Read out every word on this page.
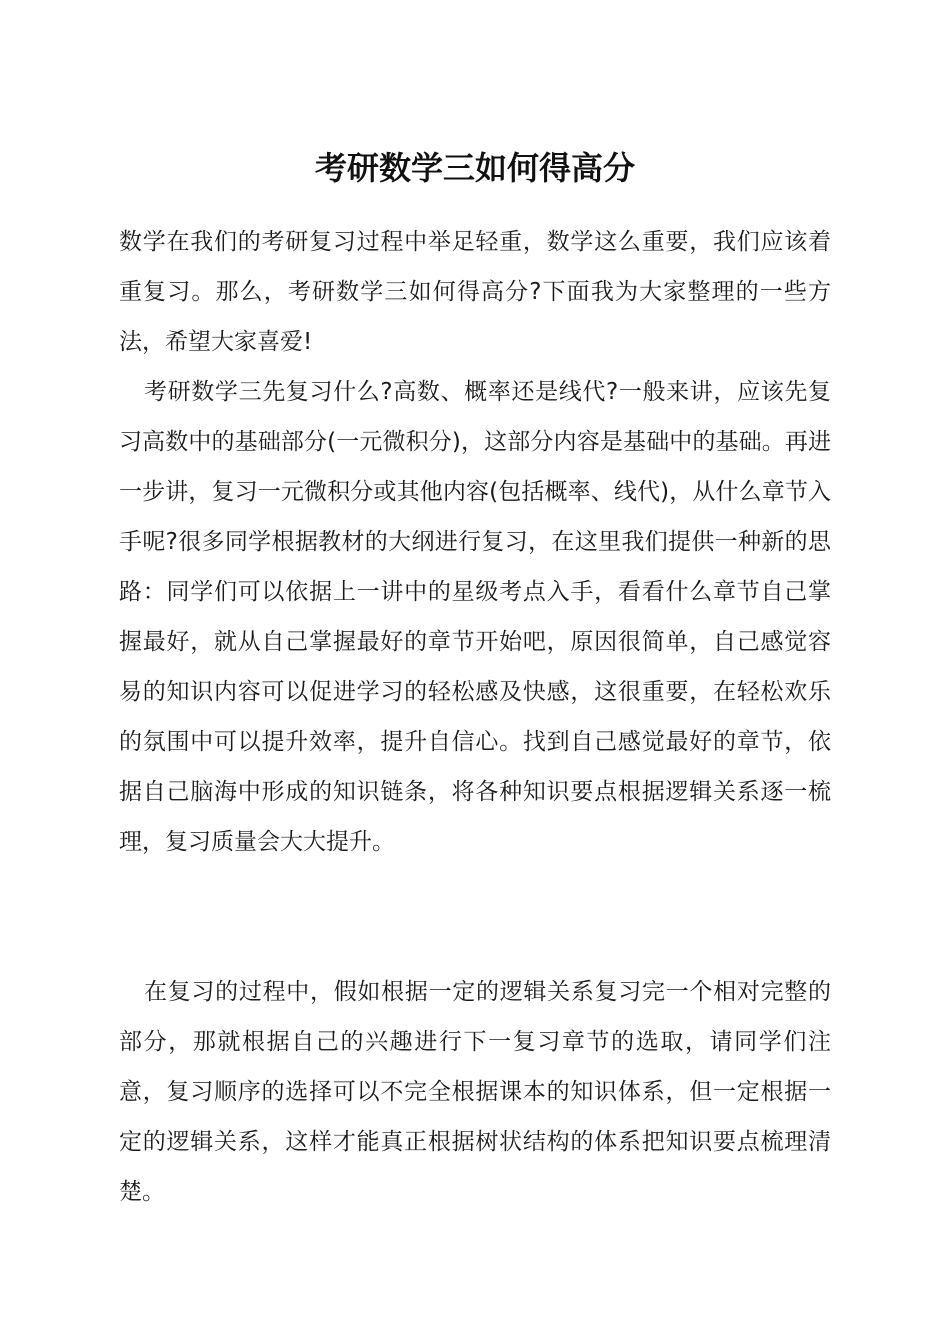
考研数学三如何得高分

数学在我们的考研复习过程中举足轻重，数学这么重要，我们应该着重复习。那么，考研数学三如何得高分?下面我为大家整理的一些方法，希望大家喜爱!

考研数学三先复习什么?高数、概率还是线代?一般来讲，应该先复习高数中的基础部分(一元微积分)，这部分内容是基础中的基础。再进一步讲，复习一元微积分或其他内容(包括概率、线代)，从什么章节入手呢?很多同学根据教材的大纲进行复习，在这里我们提供一种新的思路：同学们可以依据上一讲中的星级考点入手，看看什么章节自己掌握最好，就从自己掌握最好的章节开始吧，原因很简单，自己感觉容易的知识内容可以促进学习的轻松感及快感，这很重要，在轻松欢乐的氛围中可以提升效率，提升自信心。找到自己感觉最好的章节，依据自己脑海中形成的知识链条，将各种知识要点根据逻辑关系逐一梳理，复习质量会大大提升。

在复习的过程中，假如根据一定的逻辑关系复习完一个相对完整的部分，那就根据自己的兴趣进行下一复习章节的选取，请同学们注意，复习顺序的选择可以不完全根据课本的知识体系，但一定根据一定的逻辑关系，这样才能真正根据树状结构的体系把知识要点梳理清楚。
